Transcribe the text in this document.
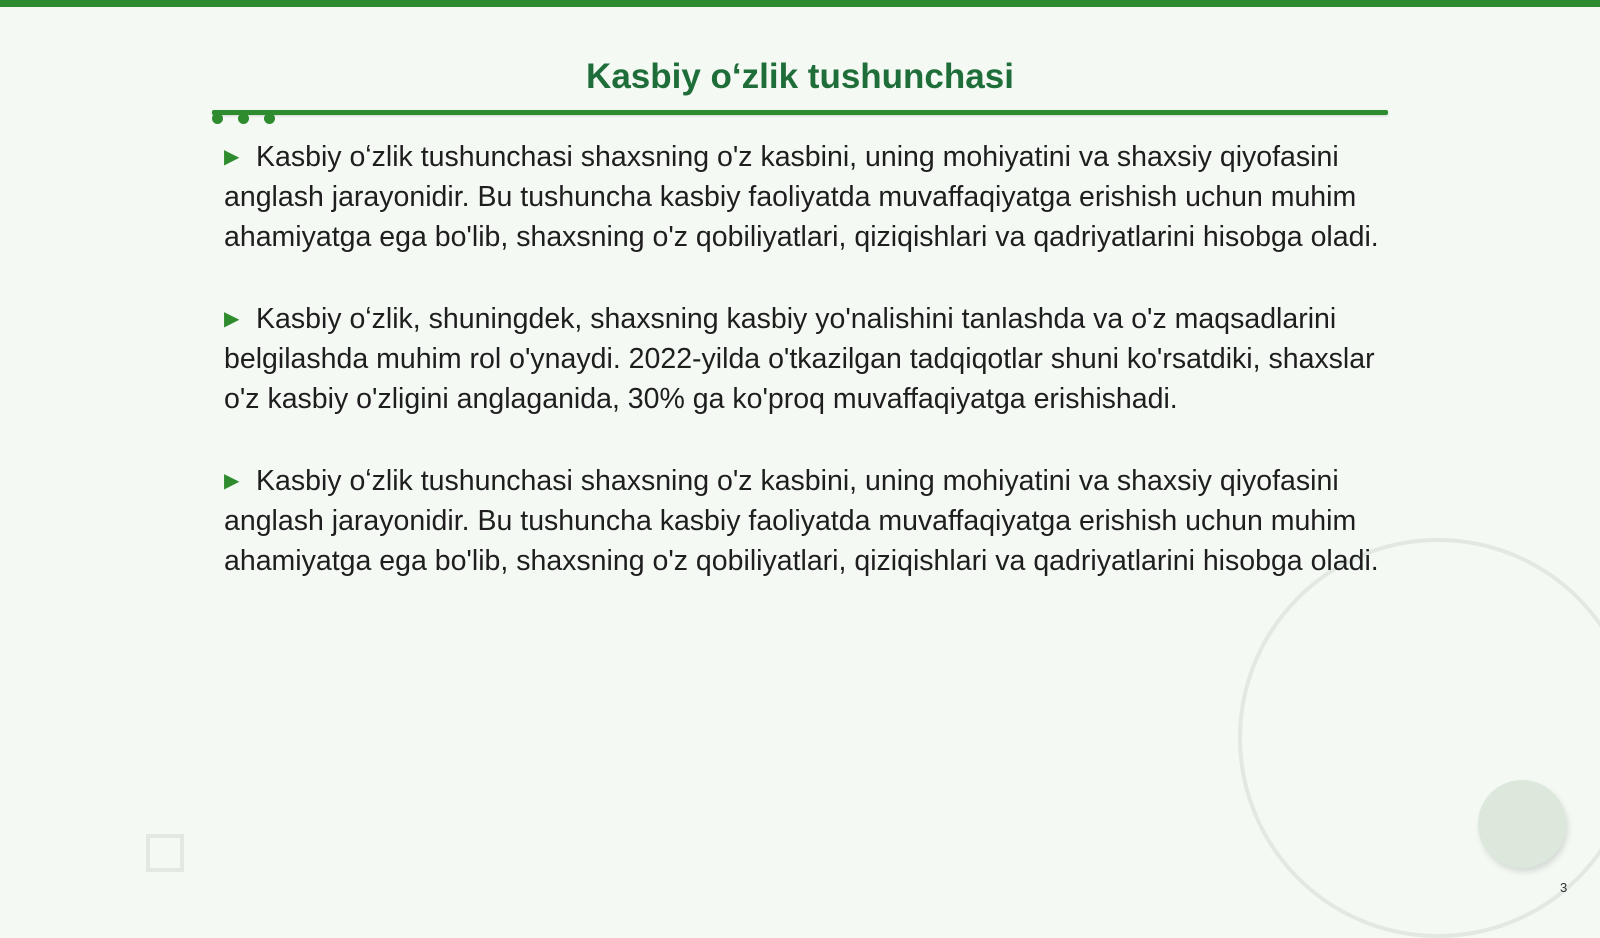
Kasbiy oʻzlik tushunchasi

▶ Kasbiy oʻzlik tushunchasi shaxsning o'z kasbini, uning mohiyatini va shaxsiy qiyofasini anglash jarayonidir. Bu tushuncha kasbiy faoliyatda muvaffaqiyatga erishish uchun muhim ahamiyatga ega bo'lib, shaxsning o'z qobiliyatlari, qiziqishlari va qadriyatlarini hisobga oladi.

▶ Kasbiy oʻzlik, shuningdek, shaxsning kasbiy yo'nalishini tanlashda va o'z maqsadlarini belgilashda muhim rol o'ynaydi. 2022-yilda o'tkazilgan tadqiqotlar shuni ko'rsatdiki, shaxslar o'z kasbiy o'zligini anglaganida, 30% ga ko'proq muvaffaqiyatga erishishadi.

▶ Kasbiy oʻzlik tushunchasi shaxsning o'z kasbini, uning mohiyatini va shaxsiy qiyofasini anglash jarayonidir. Bu tushuncha kasbiy faoliyatda muvaffaqiyatga erishish uchun muhim ahamiyatga ega bo'lib, shaxsning o'z qobiliyatlari, qiziqishlari va qadriyatlarini hisobga oladi.

3
